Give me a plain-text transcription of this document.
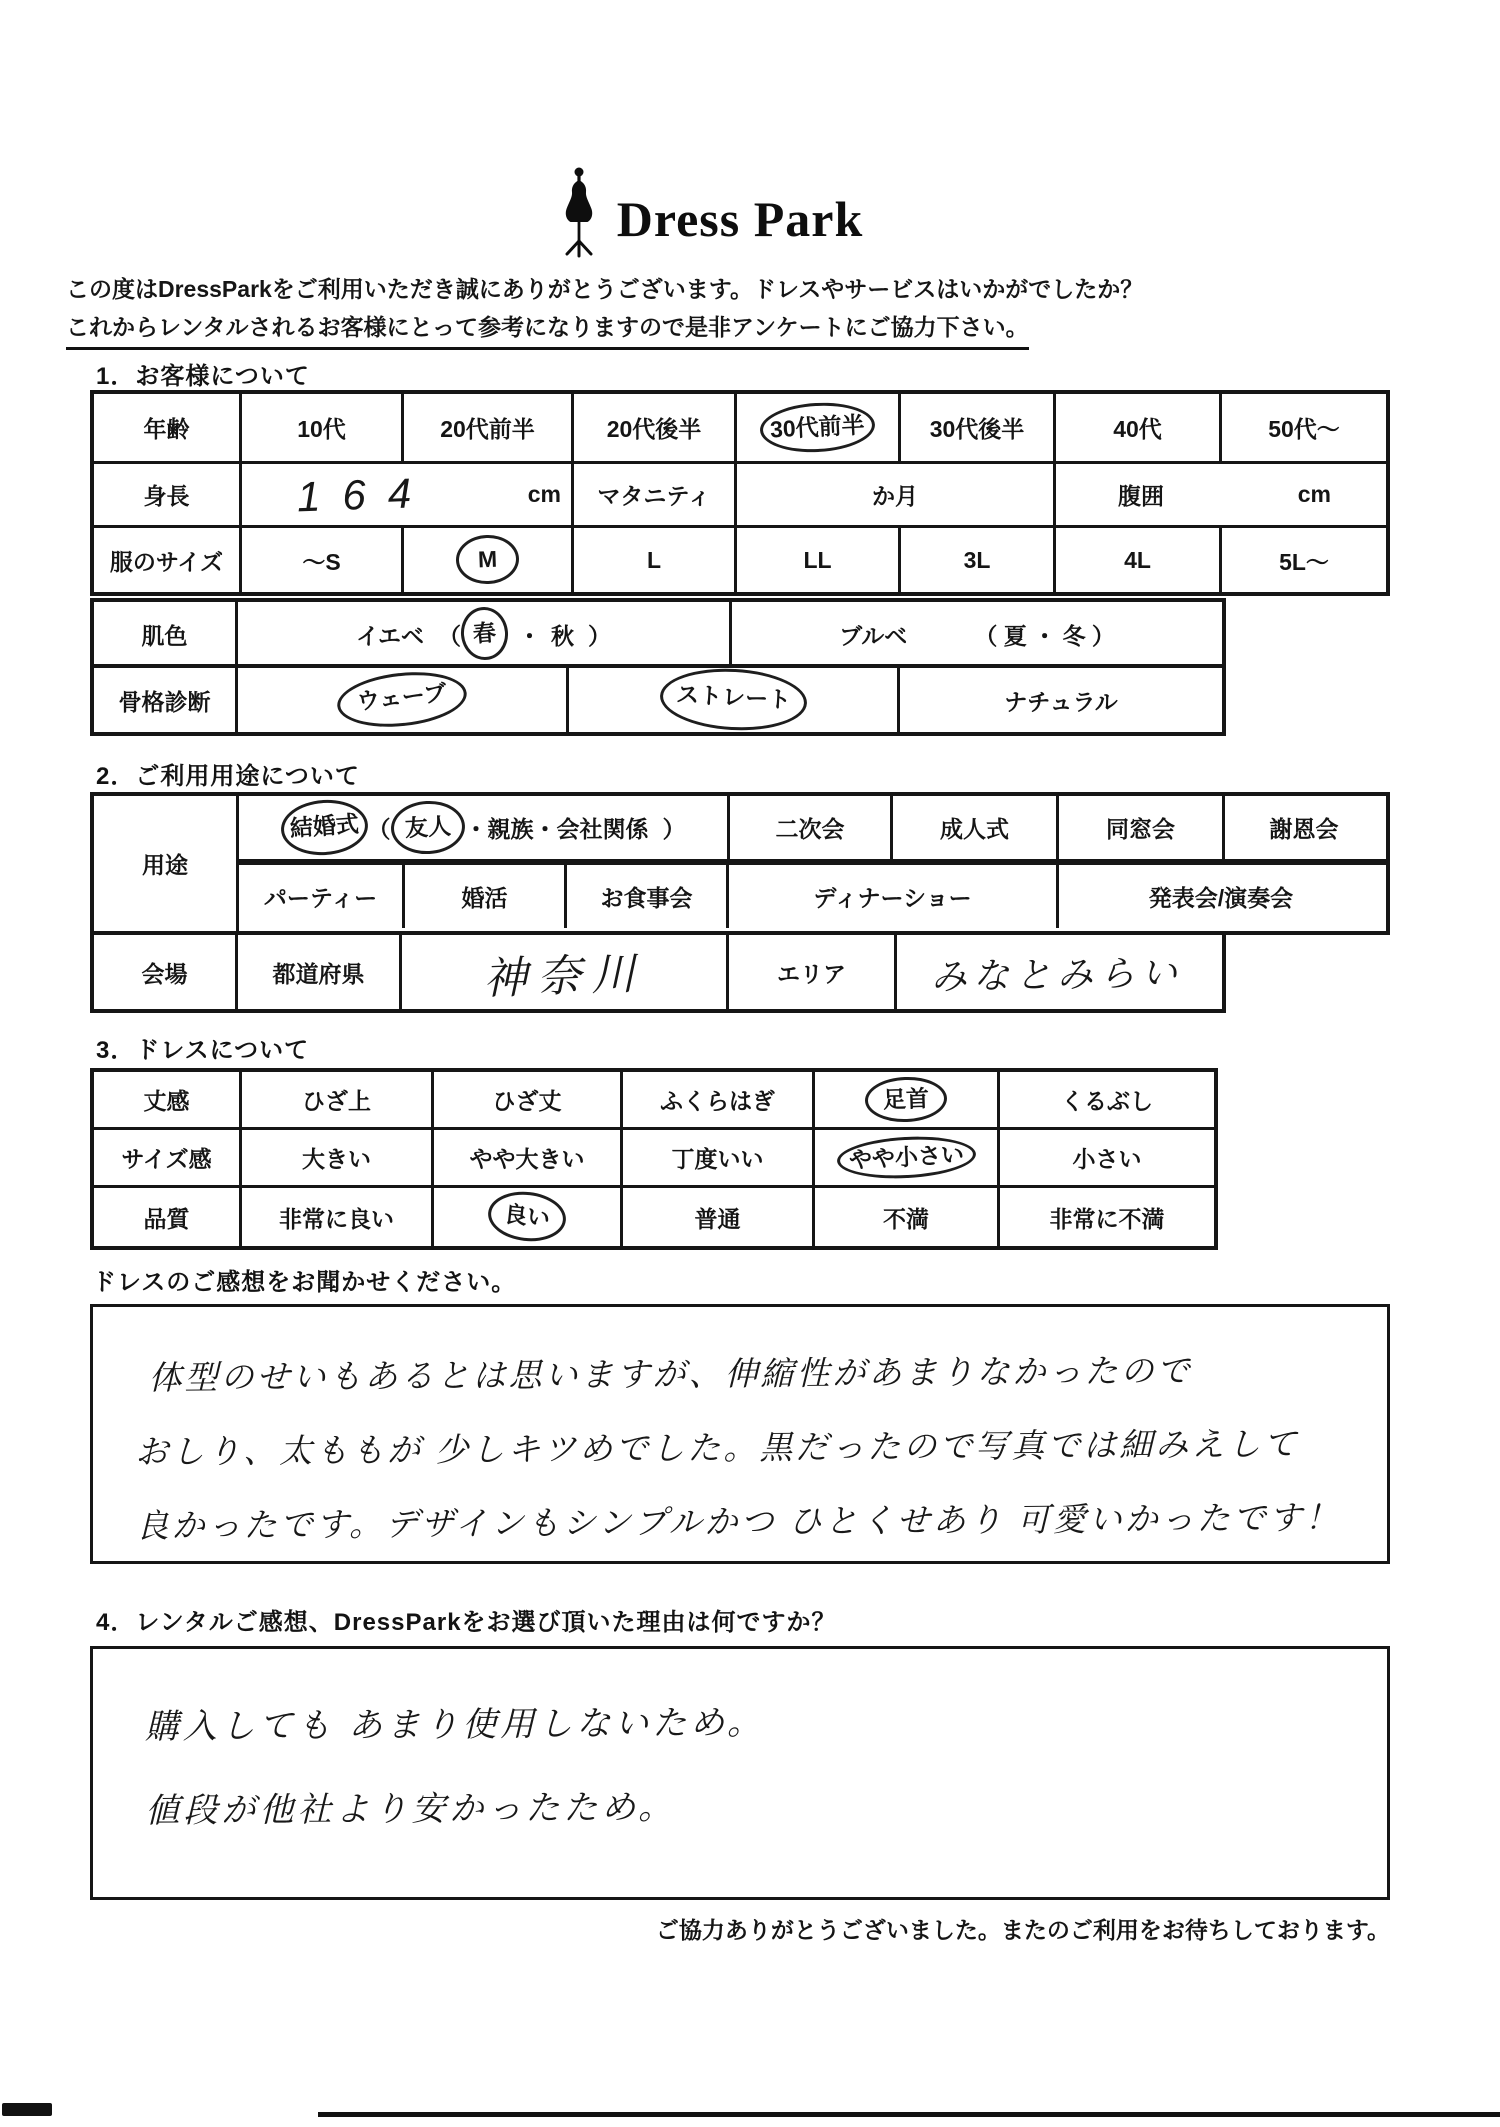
Dress Park
この度はDressParkをご利用いただき誠にありがとうございます。ドレスやサービスはいかがでしたか？
これからレンタルされるお客様にとって参考になりますので是非アンケートにご協力下さい。
1．お客様について
年齢	10代	20代前半	20代後半	30代前半	30代後半	40代	50代～
身長	164	cm	マタニティ	か月	腹囲	cm
服のサイズ	～S	M	L	LL	3L	4L	5L～
肌色	イエベ （ 春 ・ 秋 ）	ブルベ	（ 夏 ・ 冬 ）
骨格診断	ウェーブ	ストレート	ナチュラル
2．ご利用用途について
用途
結婚式 （ 友人 ・親族・会社関係 ）	二次会	成人式	同窓会	謝恩会
パーティー	婚活	お食事会	ディナーショー	発表会/演奏会
会場	都道府県	神奈川	エリア	みなとみらい
3．ドレスについて
丈感	ひざ上	ひざ丈	ふくらはぎ	足首	くるぶし
サイズ感	大きい	やや大きい	丁度いい	やや小さい	小さい
品質	非常に良い	良い	普通	不満	非常に不満
ドレスのご感想をお聞かせください。
体型のせいもあるとは思いますが、伸縮性があまりなかったので
おしり、太ももが 少しキツめでした。黒だったので写真では細みえして
良かったです。デザインもシンプルかつ ひとくせあり 可愛いかったです！
4．レンタルご感想、DressParkをお選び頂いた理由は何ですか？
購入しても あまり使用しないため。
値段が他社より安かったため。
ご協力ありがとうございました。またのご利用をお待ちしております。
